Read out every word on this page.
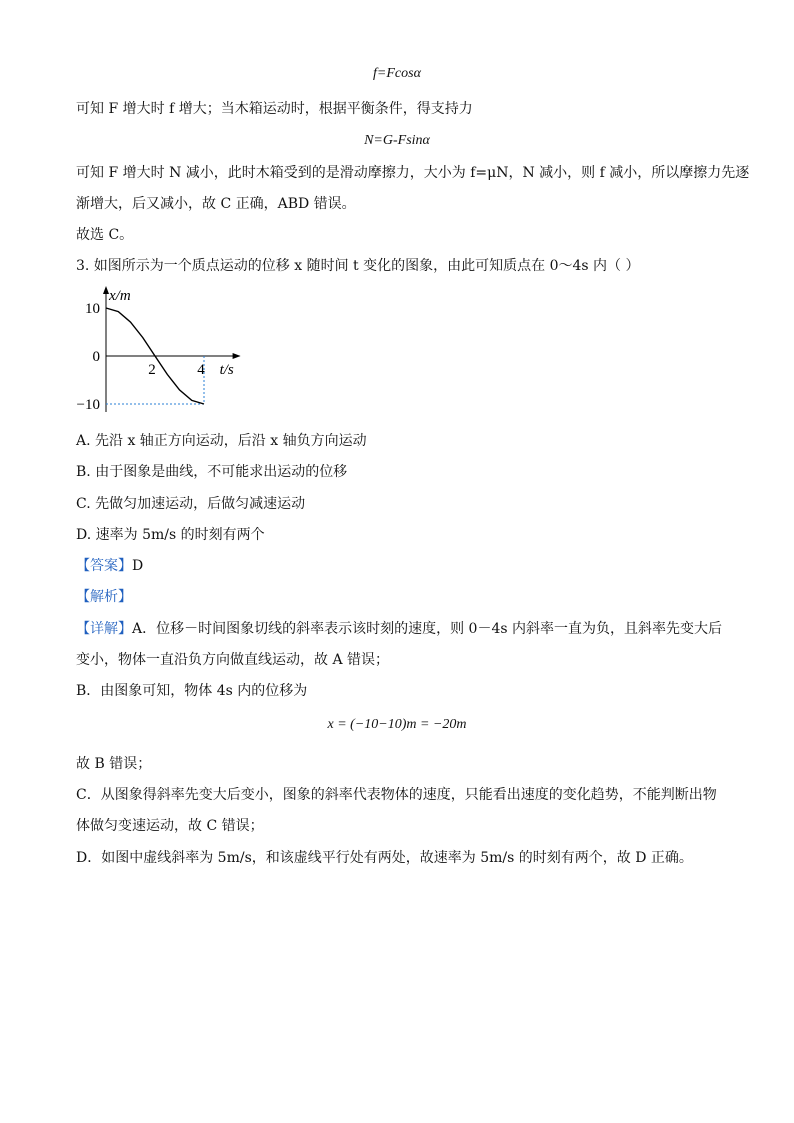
f=Fcosα
可知 F 增大时 f 增大；当木箱运动时，根据平衡条件，得支持力
N=G-Fsinα
可知 F 增大时 N 减小，此时木箱受到的是滑动摩擦力，大小为 f=μN，N 减小，则 f 减小，所以摩擦力先逐
渐增大，后又减小，故 C 正确，ABD 错误。
故选 C。
3. 如图所示为一个质点运动的位移 x 随时间 t 变化的图象，由此可知质点在 0～4s 内（ ）
10
0
−10
2	4
x/m
t/s
A. 先沿 x 轴正方向运动，后沿 x 轴负方向运动
B. 由于图象是曲线，不可能求出运动的位移
C. 先做匀加速运动，后做匀减速运动
D. 速率为 5m/s 的时刻有两个
【答案】D
【解析】
【详解】A．位移－时间图象切线的斜率表示该时刻的速度，则 0－4s 内斜率一直为负，且斜率先变大后
变小，物体一直沿负方向做直线运动，故 A 错误；
B．由图象可知，物体 4s 内的位移为
x = (−10−10)m = −20m
故 B 错误；
C．从图象得斜率先变大后变小，图象的斜率代表物体的速度，只能看出速度的变化趋势，不能判断出物
体做匀变速运动，故 C 错误；
D．如图中虚线斜率为 5m/s，和该虚线平行处有两处，故速率为 5m/s 的时刻有两个，故 D 正确。
